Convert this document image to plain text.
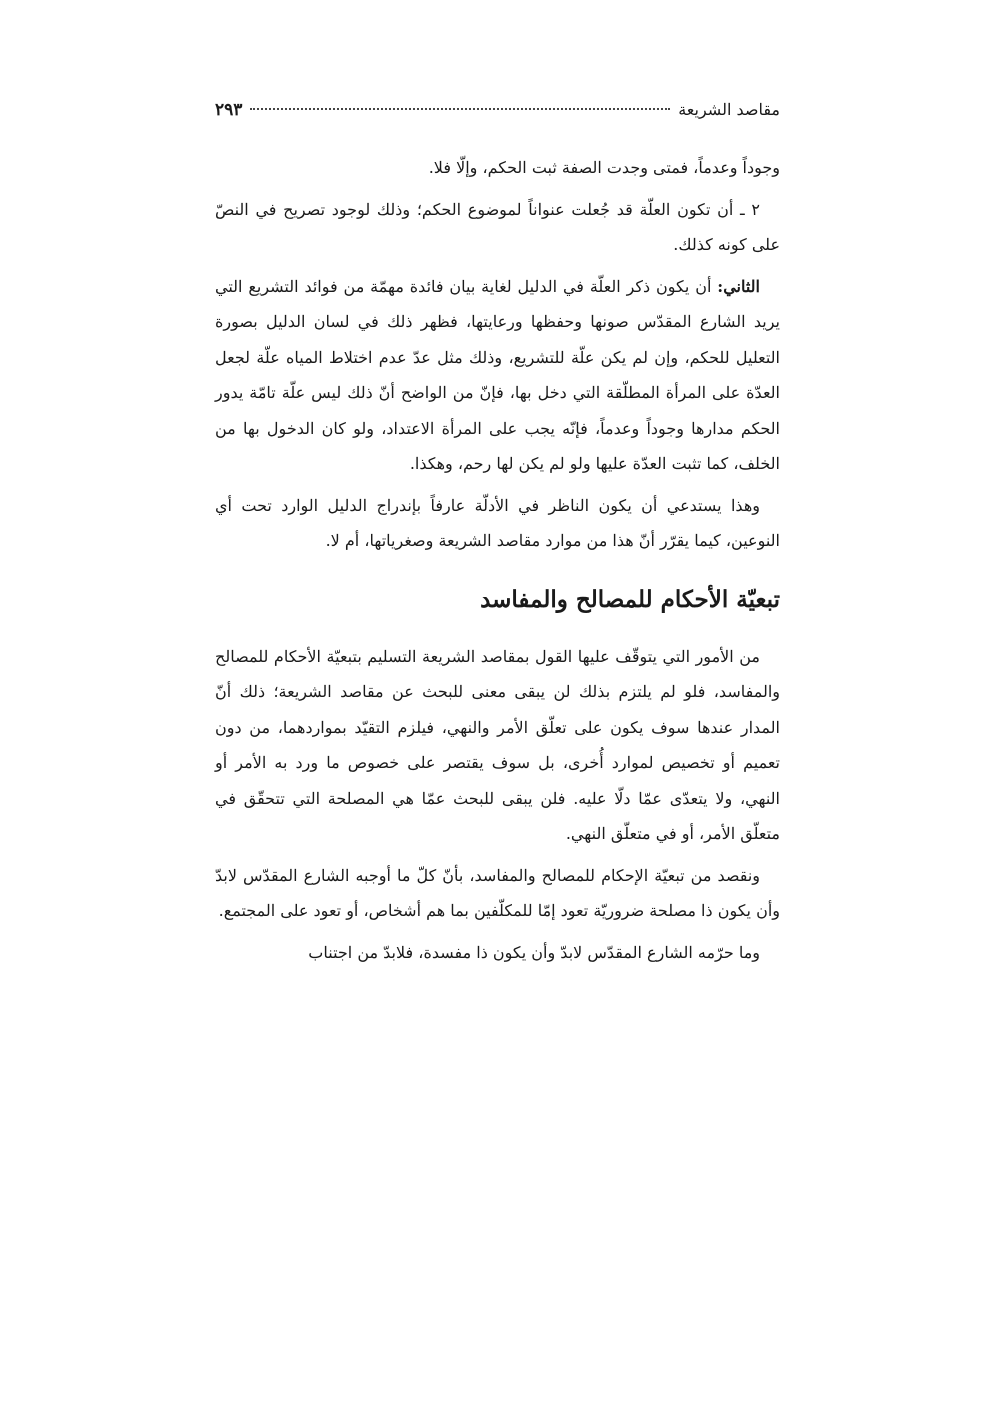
مقاصد الشريعة
٢٩٣

وجوداً وعدماً، فمتى وجدت الصفة ثبت الحكم، وإلّا فلا.

٢ ـ أن تكون العلّة قد جُعلت عنواناً لموضوع الحكم؛ وذلك لوجود تصريح في النصّ على كونه كذلك.

الثاني: أن يكون ذكر العلّة في الدليل لغاية بيان فائدة مهمّة من فوائد التشريع التي يريد الشارع المقدّس صونها وحفظها ورعايتها، فظهر ذلك في لسان الدليل بصورة التعليل للحكم، وإن لم يكن علّة للتشريع، وذلك مثل عدّ عدم اختلاط المياه علّة لجعل العدّة على المرأة المطلّقة التي دخل بها، فإنّ من الواضح أنّ ذلك ليس علّة تامّة يدور الحكم مدارها وجوداً وعدماً، فإنّه يجب على المرأة الاعتداد، ولو كان الدخول بها من الخلف، كما تثبت العدّة عليها ولو لم يكن لها رحم، وهكذا.

وهذا يستدعي أن يكون الناظر في الأدلّة عارفاً بإندراج الدليل الوارد تحت أي النوعين، كيما يقرّر أنّ هذا من موارد مقاصد الشريعة وصغرياتها، أم لا.

تبعيّة الأحكام للمصالح والمفاسد

من الأمور التي يتوقّف عليها القول بمقاصد الشريعة التسليم بتبعيّة الأحكام للمصالح والمفاسد، فلو لم يلتزم بذلك لن يبقى معنى للبحث عن مقاصد الشريعة؛ ذلك أنّ المدار عندها سوف يكون على تعلّق الأمر والنهي، فيلزم التقيّد بمواردهما، من دون تعميم أو تخصيص لموارد أُخرى، بل سوف يقتصر على خصوص ما ورد به الأمر أو النهي، ولا يتعدّى عمّا دلّا عليه. فلن يبقى للبحث عمّا هي المصلحة التي تتحقّق في متعلّق الأمر، أو في متعلّق النهي.

ونقصد من تبعيّة الإحكام للمصالح والمفاسد، بأنّ كلّ ما أوجبه الشارع المقدّس لابدّ وأن يكون ذا مصلحة ضروريّة تعود إمّا للمكلّفين بما هم أشخاص، أو تعود على المجتمع.

وما حرّمه الشارع المقدّس لابدّ وأن يكون ذا مفسدة، فلابدّ من اجتناب
